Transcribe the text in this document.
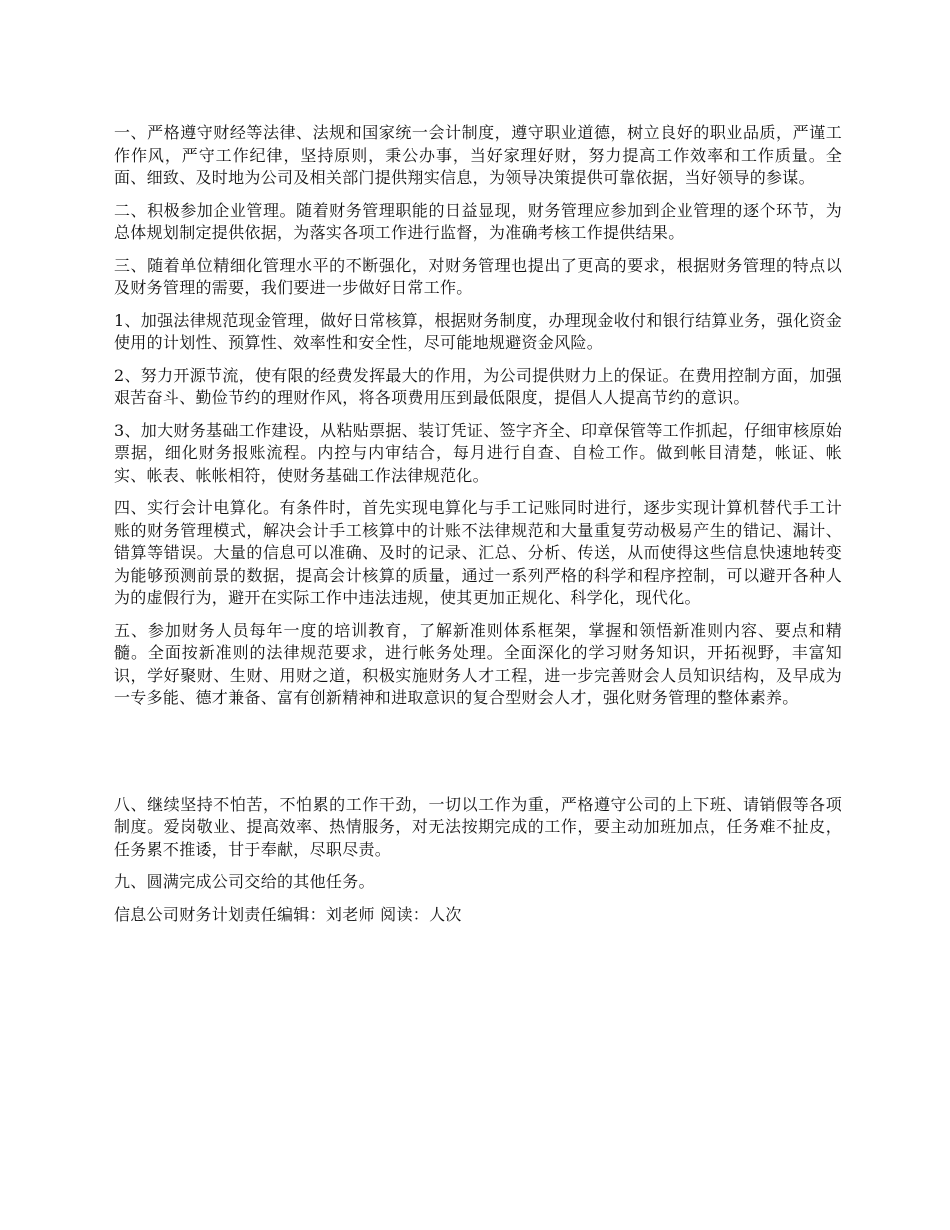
一、严格遵守财经等法律、法规和国家统一会计制度，遵守职业道德，树立良好的职业品质，严谨工作作风，严守工作纪律，坚持原则，秉公办事，当好家理好财，努力提高工作效率和工作质量。全面、细致、及时地为公司及相关部门提供翔实信息，为领导决策提供可靠依据，当好领导的参谋。

二、积极参加企业管理。随着财务管理职能的日益显现，财务管理应参加到企业管理的逐个环节，为总体规划制定提供依据，为落实各项工作进行监督，为准确考核工作提供结果。

三、随着单位精细化管理水平的不断强化，对财务管理也提出了更高的要求，根据财务管理的特点以及财务管理的需要，我们要进一步做好日常工作。

1、加强法律规范现金管理，做好日常核算，根据财务制度，办理现金收付和银行结算业务，强化资金使用的计划性、预算性、效率性和安全性，尽可能地规避资金风险。

2、努力开源节流，使有限的经费发挥最大的作用，为公司提供财力上的保证。在费用控制方面，加强艰苦奋斗、勤俭节约的理财作风，将各项费用压到最低限度，提倡人人提高节约的意识。

3、加大财务基础工作建设，从粘贴票据、装订凭证、签字齐全、印章保管等工作抓起，仔细审核原始票据，细化财务报账流程。内控与内审结合，每月进行自查、自检工作。做到帐目清楚，帐证、帐实、帐表、帐帐相符，使财务基础工作法律规范化。

四、实行会计电算化。有条件时，首先实现电算化与手工记账同时进行，逐步实现计算机替代手工计账的财务管理模式，解决会计手工核算中的计账不法律规范和大量重复劳动极易产生的错记、漏计、错算等错误。大量的信息可以准确、及时的记录、汇总、分析、传送，从而使得这些信息快速地转变为能够预测前景的数据，提高会计核算的质量，通过一系列严格的科学和程序控制，可以避开各种人为的虚假行为，避开在实际工作中违法违规，使其更加正规化、科学化，现代化。

五、参加财务人员每年一度的培训教育，了解新准则体系框架，掌握和领悟新准则内容、要点和精髓。全面按新准则的法律规范要求，进行帐务处理。全面深化的学习财务知识，开拓视野，丰富知识，学好聚财、生财、用财之道，积极实施财务人才工程，进一步完善财会人员知识结构，及早成为一专多能、德才兼备、富有创新精神和进取意识的复合型财会人才，强化财务管理的整体素养。

八、继续坚持不怕苦，不怕累的工作干劲，一切以工作为重，严格遵守公司的上下班、请销假等各项制度。爱岗敬业、提高效率、热情服务，对无法按期完成的工作，要主动加班加点，任务难不扯皮，任务累不推诿，甘于奉献，尽职尽责。

九、圆满完成公司交给的其他任务。

信息公司财务计划责任编辑：刘老师 阅读：人次
